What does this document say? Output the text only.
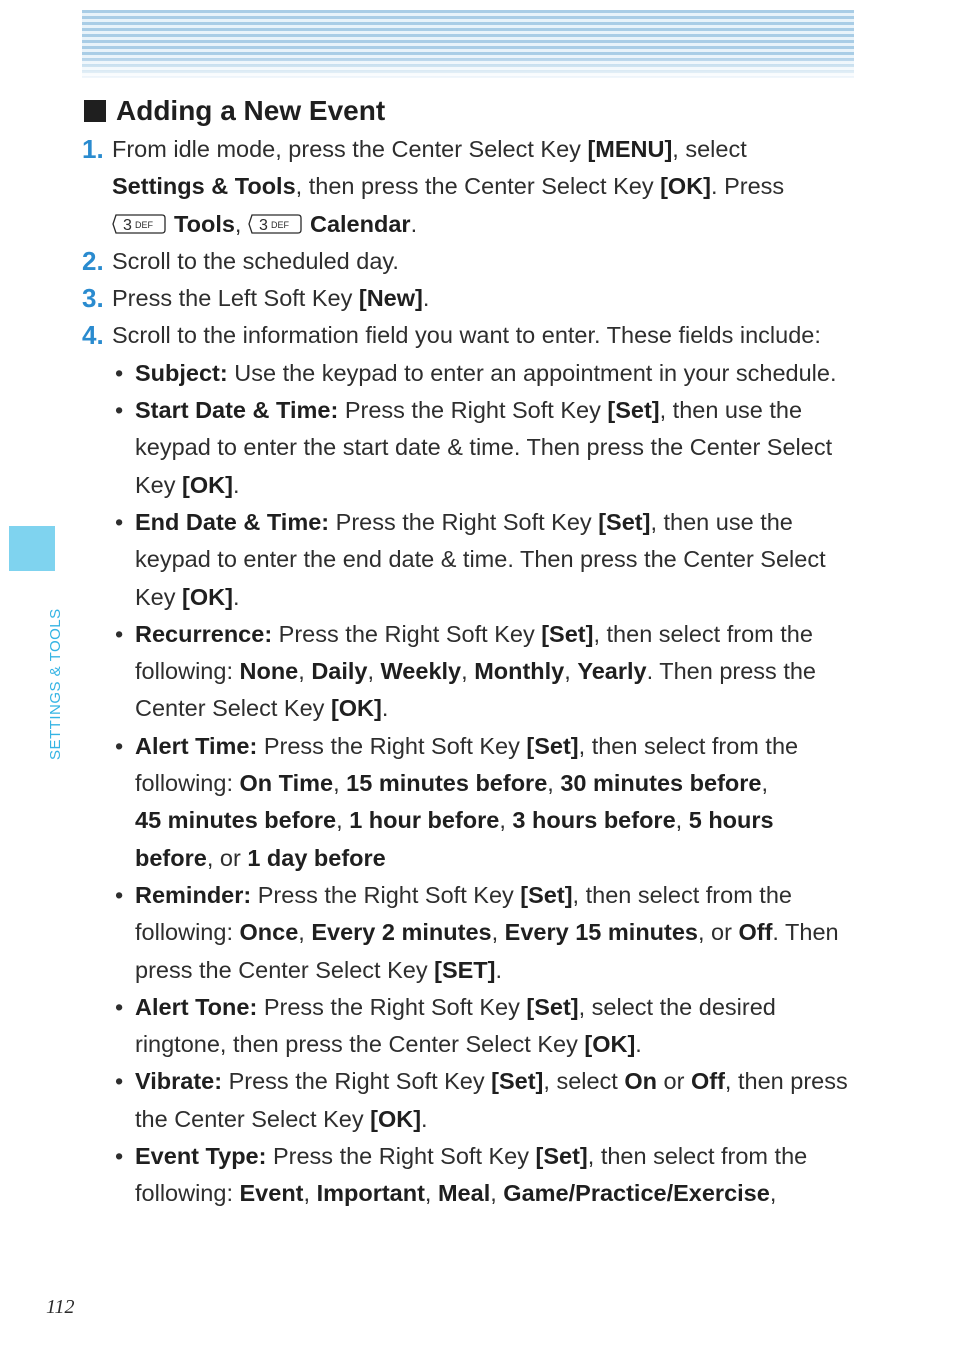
Adding a New Event
1. From idle mode, press the Center Select Key [MENU], select
Settings & Tools, then press the Center Select Key [OK]. Press

3 DEF Tools, 3 DEF Calendar.
2. Scroll to the scheduled day.
3. Press the Left Soft Key [New].
4. Scroll to the information field you want to enter. These fields include:
• Subject: Use the keypad to enter an appointment in your schedule.
• Start Date & Time: Press the Right Soft Key [Set], then use the keypad to enter the start date & time. Then press the Center Select Key [OK].
• End Date & Time: Press the Right Soft Key [Set], then use the keypad to enter the end date & time. Then press the Center Select Key [OK].
• Recurrence: Press the Right Soft Key [Set], then select from the following: None, Daily, Weekly, Monthly, Yearly. Then press the Center Select Key [OK].
• Alert Time: Press the Right Soft Key [Set], then select from the following: On Time, 15 minutes before, 30 minutes before,
45 minutes before, 1 hour before, 3 hours before, 5 hours before, or 1 day before
• Reminder: Press the Right Soft Key [Set], then select from the following: Once, Every 2 minutes, Every 15 minutes, or Off. Then press the Center Select Key [SET].
• Alert Tone: Press the Right Soft Key [Set], select the desired ringtone, then press the Center Select Key [OK].
• Vibrate: Press the Right Soft Key [Set], select On or Off, then press the Center Select Key [OK].
• Event Type: Press the Right Soft Key [Set], then select from the following: Event, Important, Meal, Game/Practice/Exercise,
SETTINGS & TOOLS
112
